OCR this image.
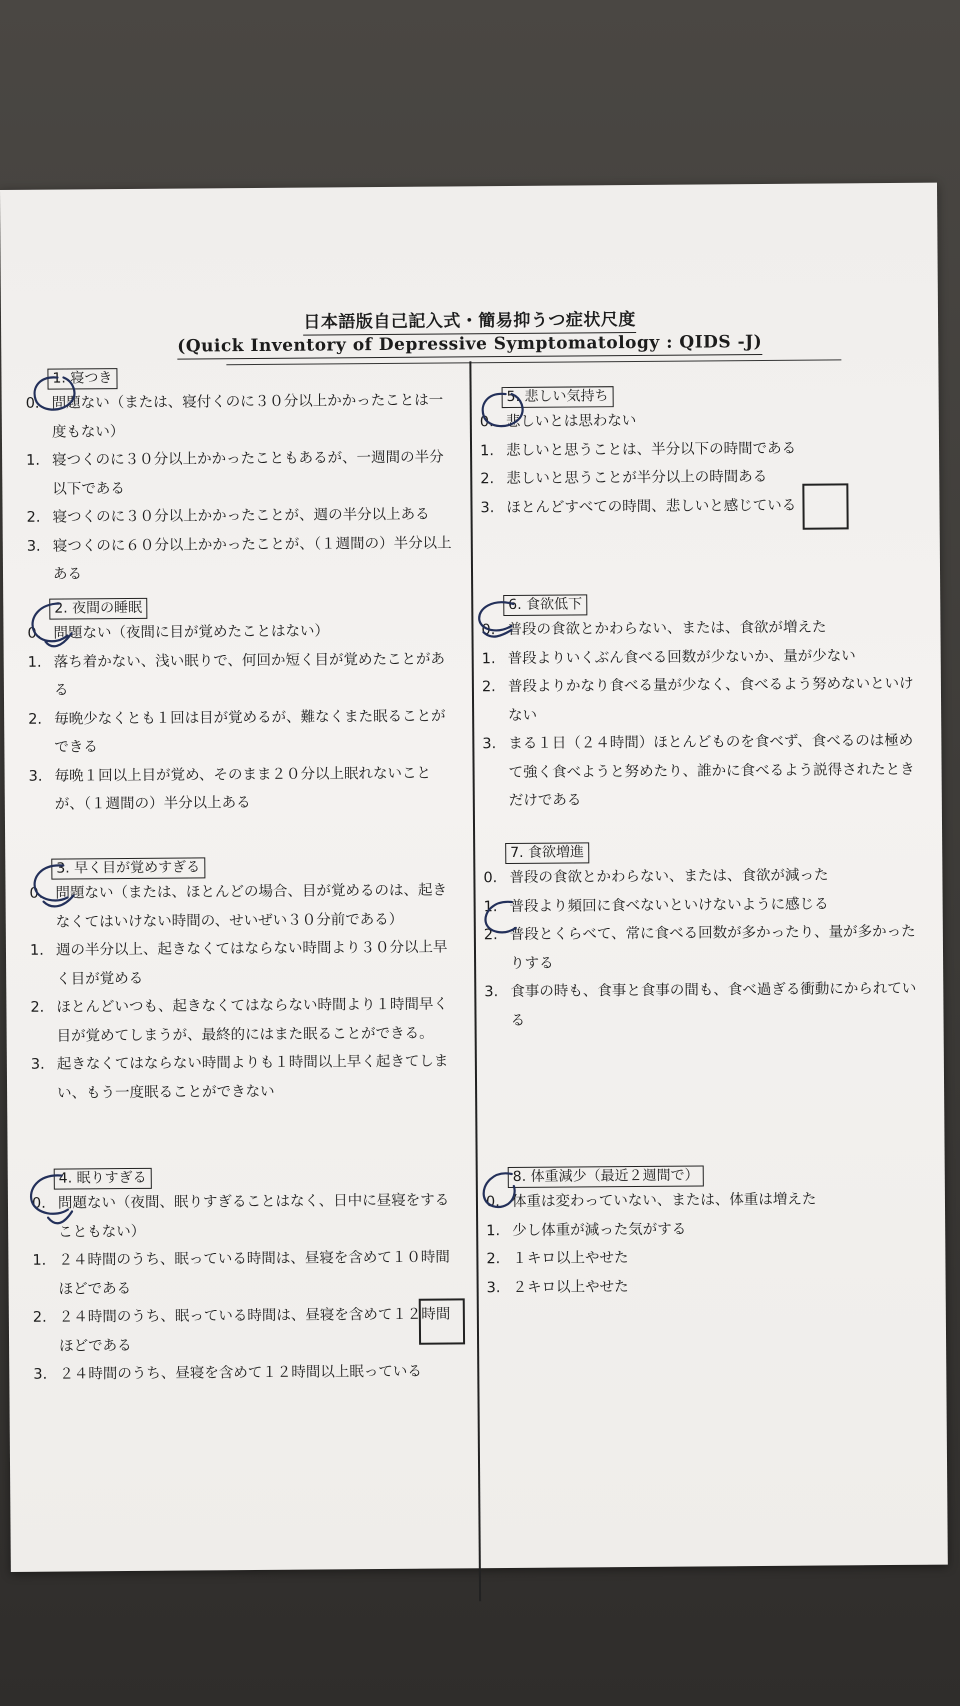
日本語版自己記入式・簡易抑うつ症状尺度
(Quick Inventory of Depressive Symptomatology : QIDS -J)
1. 寝つき
0. 問題ない（または、寝付くのに３０分以上かかったことは一度もない）
1. 寝つくのに３０分以上かかったこともあるが、一週間の半分以下である
2. 寝つくのに３０分以上かかったことが、週の半分以上ある
3. 寝つくのに６０分以上かかったことが、（１週間の）半分以上ある
2. 夜間の睡眠
0. 問題ない（夜間に目が覚めたことはない）
1. 落ち着かない、浅い眠りで、何回か短く目が覚めたことがある
2. 毎晩少なくとも１回は目が覚めるが、難なくまた眠ることができる
3. 毎晩１回以上目が覚め、そのまま２０分以上眠れないことが、（１週間の）半分以上ある
3. 早く目が覚めすぎる
0. 問題ない（または、ほとんどの場合、目が覚めるのは、起きなくてはいけない時間の、せいぜい３０分前である）
1. 週の半分以上、起きなくてはならない時間より３０分以上早く目が覚める
2. ほとんどいつも、起きなくてはならない時間より１時間早く目が覚めてしまうが、最終的にはまた眠ることができる。
3. 起きなくてはならない時間よりも１時間以上早く起きてしまい、もう一度眠ることができない
4. 眠りすぎる
0. 問題ない（夜間、眠りすぎることはなく、日中に昼寝をすることもない）
1. ２４時間のうち、眠っている時間は、昼寝を含めて１０時間ほどである
2. ２４時間のうち、眠っている時間は、昼寝を含めて１２時間ほどである
3. ２４時間のうち、昼寝を含めて１２時間以上眠っている
5. 悲しい気持ち
0. 悲しいとは思わない
1. 悲しいと思うことは、半分以下の時間である
2. 悲しいと思うことが半分以上の時間ある
3. ほとんどすべての時間、悲しいと感じている
6. 食欲低下
0. 普段の食欲とかわらない、または、食欲が増えた
1. 普段よりいくぶん食べる回数が少ないか、量が少ない
2. 普段よりかなり食べる量が少なく、食べるよう努めないといけない
3. まる１日（２４時間）ほとんどものを食べず、食べるのは極めて強く食べようと努めたり、誰かに食べるよう説得されたときだけである
7. 食欲増進
0. 普段の食欲とかわらない、または、食欲が減った
1. 普段より頻回に食べないといけないように感じる
2. 普段とくらべて、常に食べる回数が多かったり、量が多かったりする
3. 食事の時も、食事と食事の間も、食べ過ぎる衝動にかられている
8. 体重減少（最近２週間で）
0. 体重は変わっていない、または、体重は増えた
1. 少し体重が減った気がする
2. １キロ以上やせた
3. ２キロ以上やせた
